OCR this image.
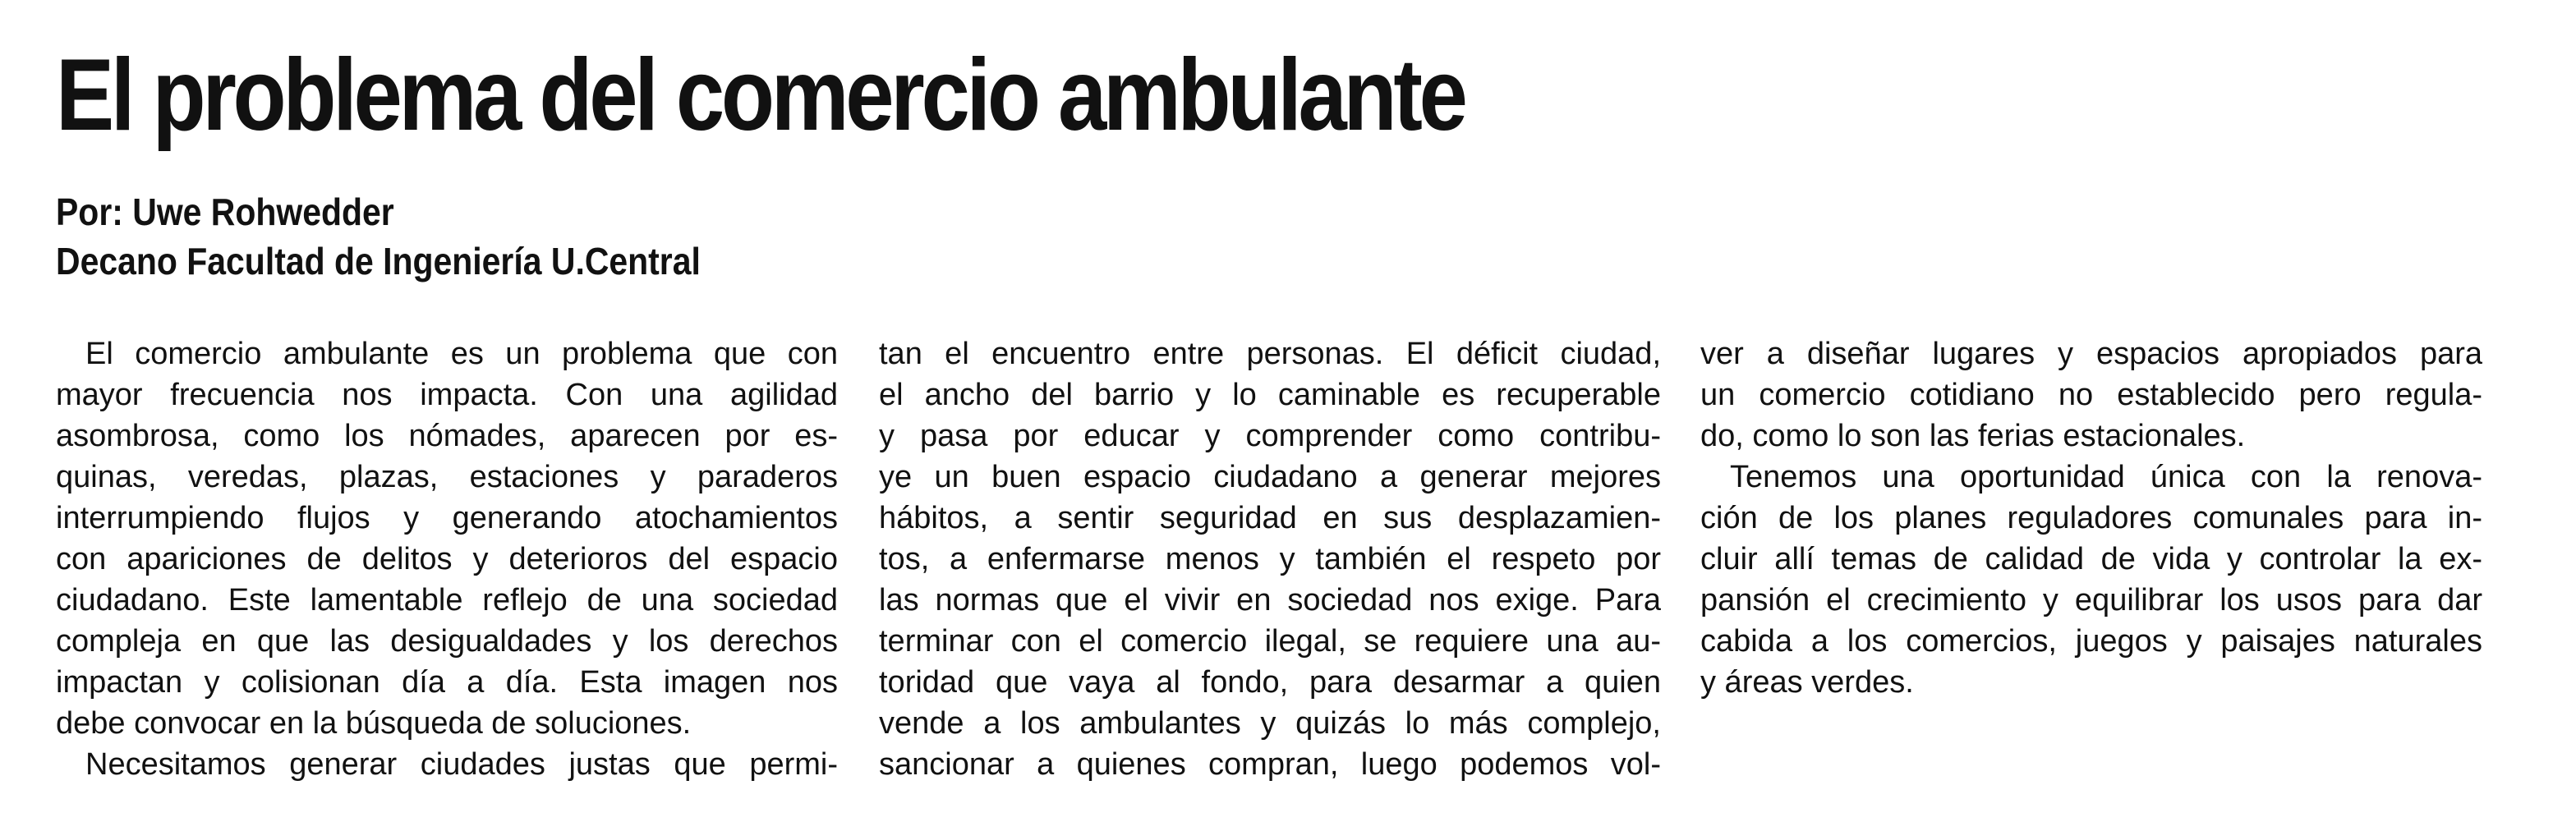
El problema del comercio ambulante
Por: Uwe Rohwedder
Decano Facultad de Ingeniería U.Central
El comercio ambulante es un problema que con
mayor frecuencia nos impacta. Con una agilidad
asombrosa, como los nómades, aparecen por es-
quinas, veredas, plazas, estaciones y paraderos
interrumpiendo flujos y generando atochamientos
con apariciones de delitos y deterioros del espacio
ciudadano. Este lamentable reflejo de una sociedad
compleja en que las desigualdades y los derechos
impactan y colisionan día a día. Esta imagen nos
debe convocar en la búsqueda de soluciones.
Necesitamos generar ciudades justas que permi-
tan el encuentro entre personas. El déficit ciudad,
el ancho del barrio y lo caminable es recuperable
y pasa por educar y comprender como contribu-
ye un buen espacio ciudadano a generar mejores
hábitos, a sentir seguridad en sus desplazamien-
tos, a enfermarse menos y también el respeto por
las normas que el vivir en sociedad nos exige. Para
terminar con el comercio ilegal, se requiere una au-
toridad que vaya al fondo, para desarmar a quien
vende a los ambulantes y quizás lo más complejo,
sancionar a quienes compran, luego podemos vol-
ver a diseñar lugares y espacios apropiados para
un comercio cotidiano no establecido pero regula-
do, como lo son las ferias estacionales.
Tenemos una oportunidad única con la renova-
ción de los planes reguladores comunales para in-
cluir allí temas de calidad de vida y controlar la ex-
pansión el crecimiento y equilibrar los usos para dar
cabida a los comercios, juegos y paisajes naturales
y áreas verdes.
